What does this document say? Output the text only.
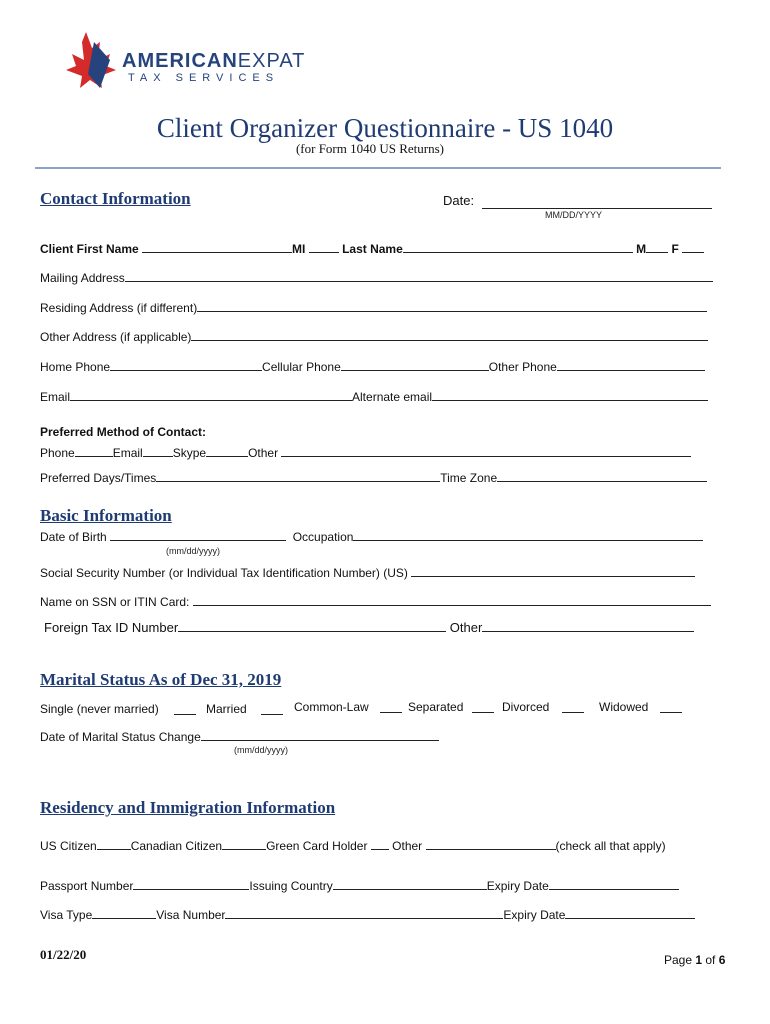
AMERICANEXPAT
TAX SERVICES
Client Organizer Questionnaire - US 1040
(for Form 1040 US Returns)
Contact Information	Date:
MM/DD/YYYY
Client First Name	MI	Last Name	M F
Mailing Address
Residing Address (if different)
Other Address (if applicable)
Home Phone	Cellular Phone	Other Phone
Email	Alternate email
Preferred Method of Contact:
Phone	Email	Skype	Other
Preferred Days/Times	Time Zone
Basic Information
Date of Birth	Occupation
(mm/dd/yyyy)
Social Security Number (or Individual Tax Identification Number) (US)
Name on SSN or ITIN Card:
Foreign Tax ID Number	Other
Marital Status As of Dec 31, 2019
Single (never married)	Married	Common-Law	Separated	Divorced	Widowed
Date of Marital Status Change
(mm/dd/yyyy)
Residency and Immigration Information
US Citizen	Canadian Citizen	Green Card Holder Other	(check all that apply)
Passport Number	Issuing Country	Expiry Date
Visa Type	Visa Number	Expiry Date
01/22/20	Page 1 of 6
